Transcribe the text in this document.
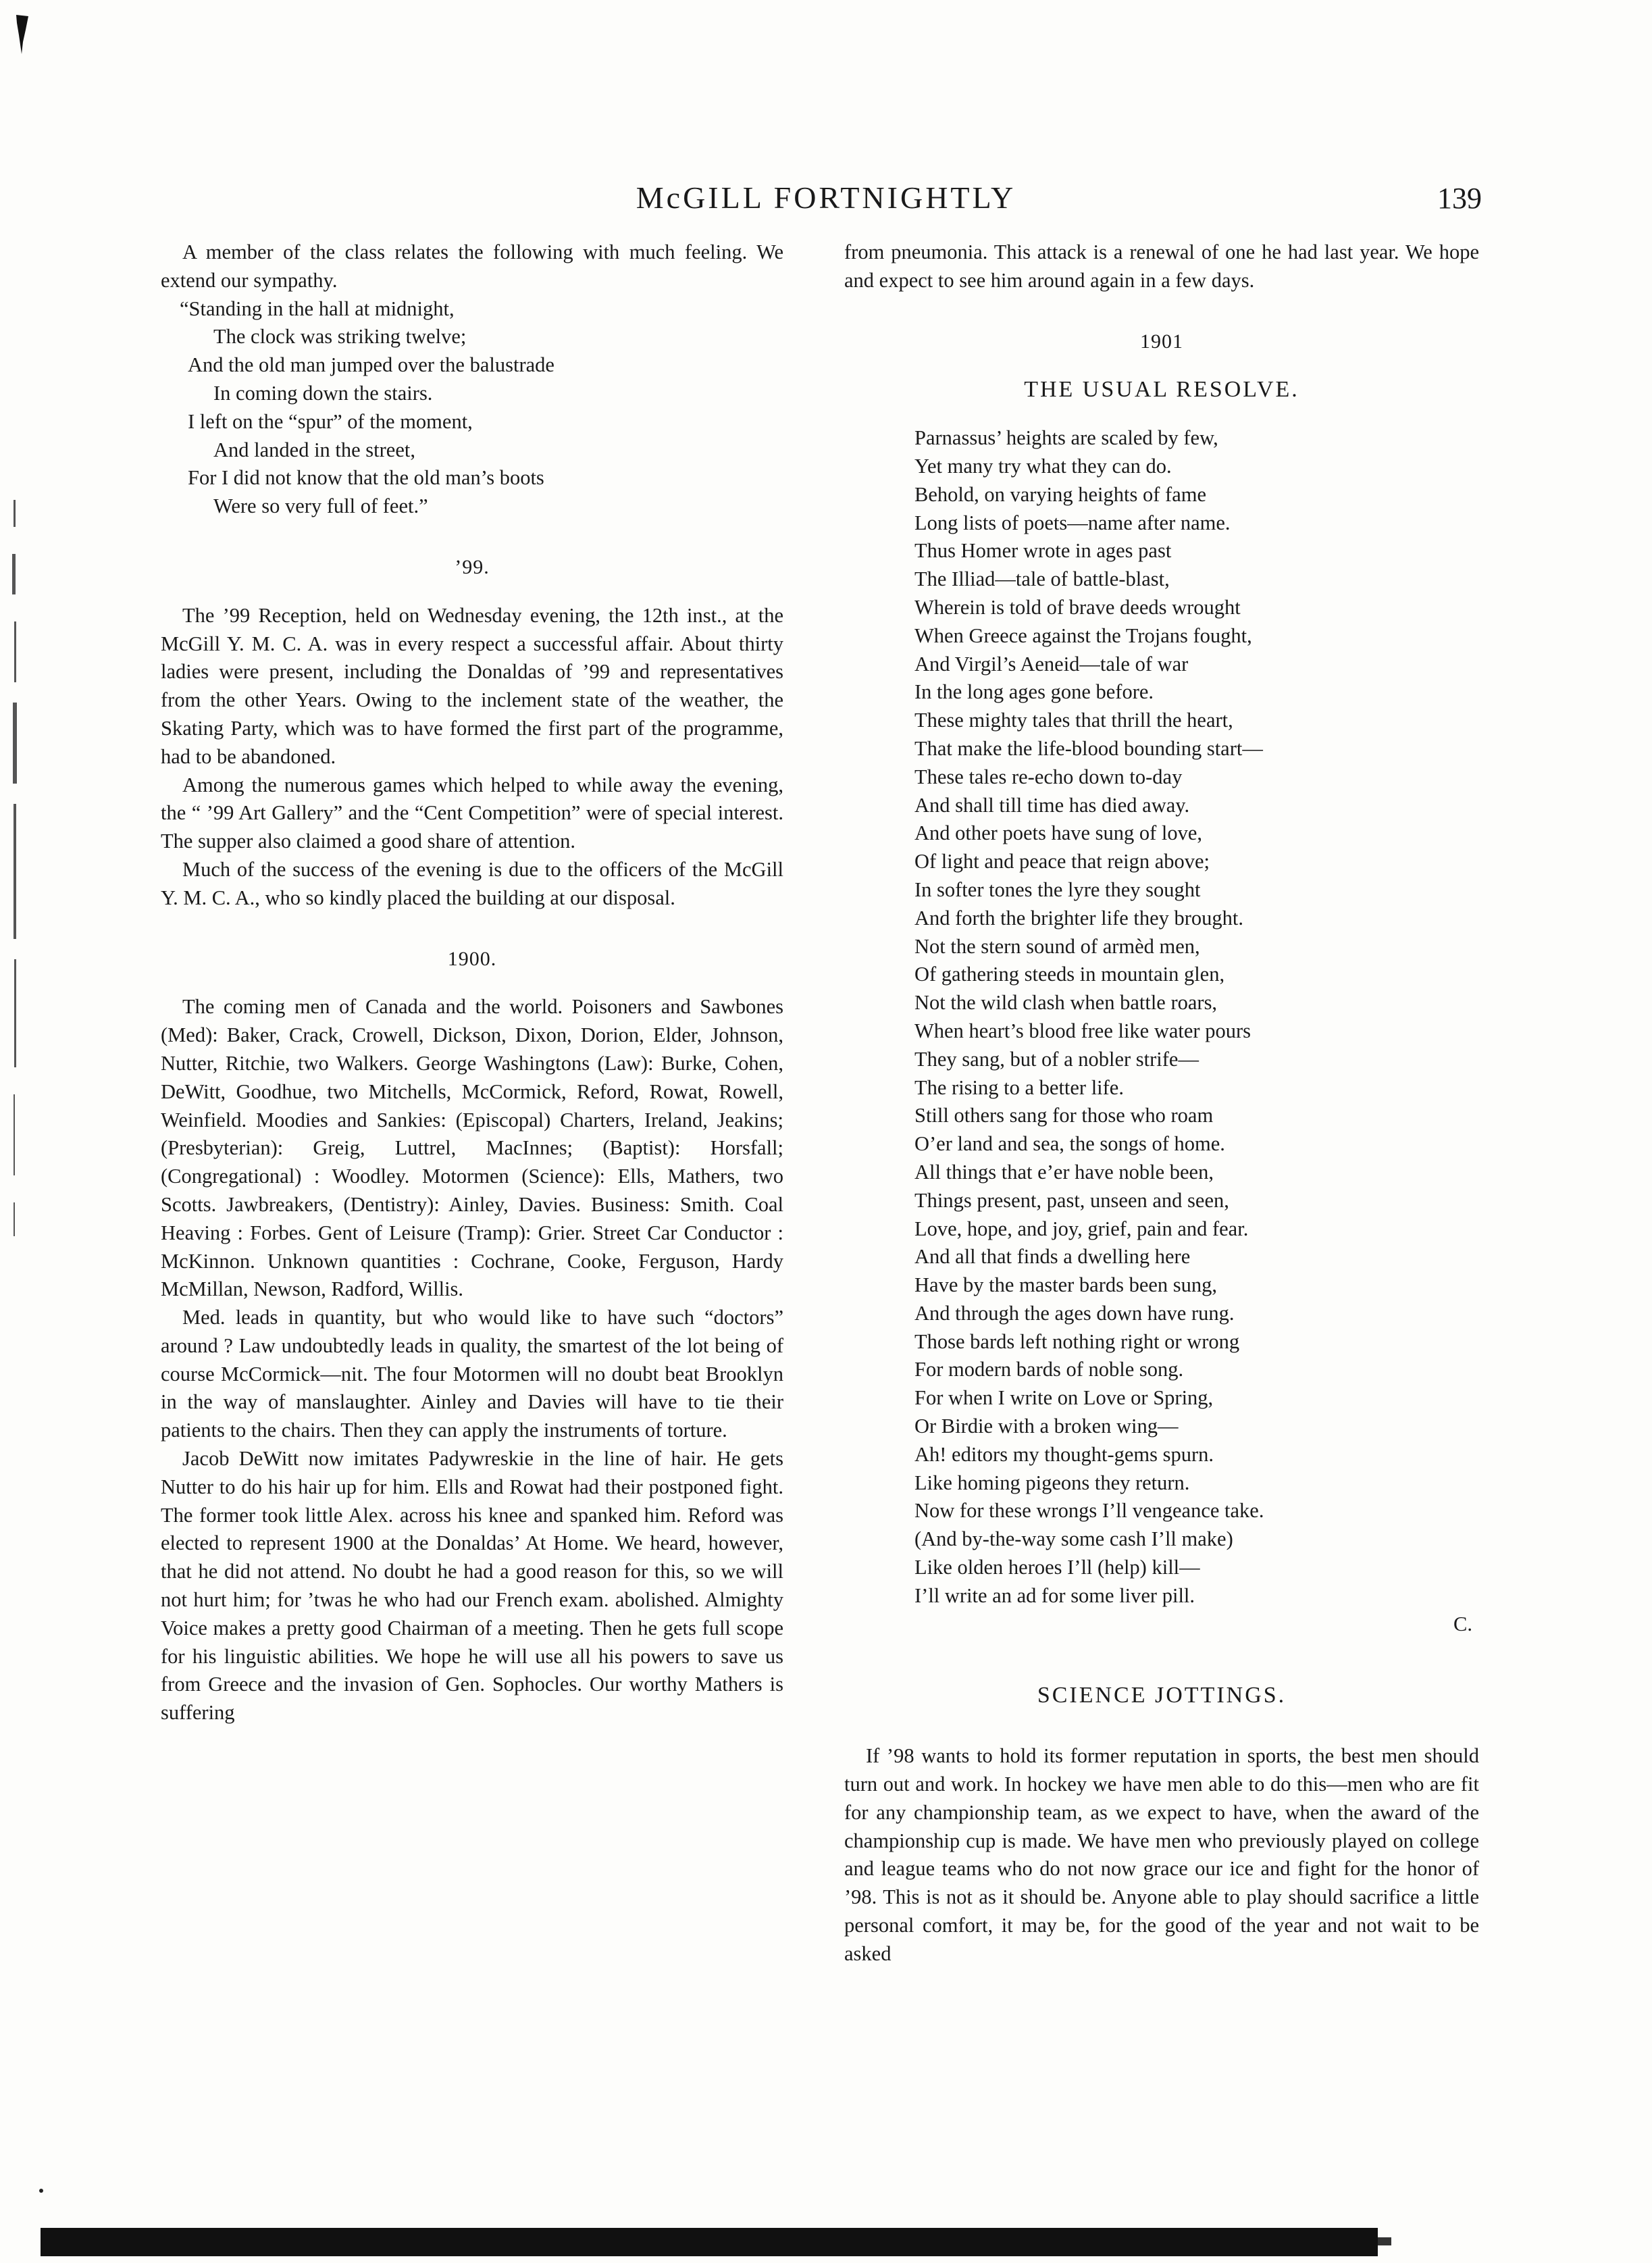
McGILL FORTNIGHTLY	139

A member of the class relates the following with much feeling. We extend our sympathy.

“Standing in the hall at midnight,
The clock was striking twelve;
And the old man jumped over the balustrade
In coming down the stairs.
I left on the “spur” of the moment,
And landed in the street,
For I did not know that the old man’s boots
Were so very full of feet.”
’99.

The ’99 Reception, held on Wednesday evening, the 12th inst., at the McGill Y. M. C. A. was in every respect a successful affair. About thirty ladies were present, including the Donaldas of ’99 and representatives from the other Years. Owing to the inclement state of the weather, the Skating Party, which was to have formed the first part of the programme, had to be abandoned.

Among the numerous games which helped to while away the evening, the “ ’99 Art Gallery” and the “Cent Competition” were of special interest. The supper also claimed a good share of attention.

Much of the success of the evening is due to the officers of the McGill Y. M. C. A., who so kindly placed the building at our disposal.

1900.

The coming men of Canada and the world. Poisoners and Sawbones (Med): Baker, Crack, Crowell, Dickson, Dixon, Dorion, Elder, Johnson, Nutter, Ritchie, two Walkers. George Washingtons (Law): Burke, Cohen, DeWitt, Goodhue, two Mitchells, McCormick, Reford, Rowat, Rowell, Weinfield. Moodies and Sankies: (Episcopal) Charters, Ireland, Jeakins; (Presbyterian): Greig, Luttrel, MacInnes; (Baptist): Horsfall; (Congregational) : Woodley. Motormen (Science): Ells, Mathers, two Scotts. Jawbreakers, (Dentistry): Ainley, Davies. Business: Smith. Coal Heaving : Forbes. Gent of Leisure (Tramp): Grier. Street Car Conductor : McKinnon. Unknown quantities : Cochrane, Cooke, Ferguson, Hardy McMillan, Newson, Radford, Willis.

Med. leads in quantity, but who would like to have such “doctors” around ? Law undoubtedly leads in quality, the smartest of the lot being of course McCormick—nit. The four Motormen will no doubt beat Brooklyn in the way of manslaughter. Ainley and Davies will have to tie their patients to the chairs. Then they can apply the instruments of torture.

Jacob DeWitt now imitates Padywreskie in the line of hair. He gets Nutter to do his hair up for him. Ells and Rowat had their postponed fight. The former took little Alex. across his knee and spanked him. Reford was elected to represent 1900 at the Donaldas’ At Home. We heard, however, that he did not attend. No doubt he had a good reason for this, so we will not hurt him; for ’twas he who had our French exam. abolished. Almighty Voice makes a pretty good Chairman of a meeting. Then he gets full scope for his linguistic abilities. We hope he will use all his powers to save us from Greece and the invasion of Gen. Sophocles. Our worthy Mathers is suffering

from pneumonia. This attack is a renewal of one he had last year. We hope and expect to see him around again in a few days.

1901
THE USUAL RESOLVE.
Parnassus’ heights are scaled by few,
Yet many try what they can do.
Behold, on varying heights of fame
Long lists of poets—name after name.
Thus Homer wrote in ages past
The Illiad—tale of battle-blast,
Wherein is told of brave deeds wrought
When Greece against the Trojans fought,
And Virgil’s Aeneid—tale of war
In the long ages gone before.
These mighty tales that thrill the heart,
That make the life-blood bounding start—
These tales re-echo down to-day
And shall till time has died away.
And other poets have sung of love,
Of light and peace that reign above;
In softer tones the lyre they sought
And forth the brighter life they brought.
Not the stern sound of armèd men,
Of gathering steeds in mountain glen,
Not the wild clash when battle roars,
When heart’s blood free like water pours
They sang, but of a nobler strife—
The rising to a better life.
Still others sang for those who roam
O’er land and sea, the songs of home.
All things that e’er have noble been,
Things present, past, unseen and seen,
Love, hope, and joy, grief, pain and fear.
And all that finds a dwelling here
Have by the master bards been sung,
And through the ages down have rung.
Those bards left nothing right or wrong
For modern bards of noble song.
For when I write on Love or Spring,
Or Birdie with a broken wing—
Ah! editors my thought-gems spurn.
Like homing pigeons they return.
Now for these wrongs I’ll vengeance take.
(And by-the-way some cash I’ll make)
Like olden heroes I’ll (help) kill—
I’ll write an ad for some liver pill.
C.
SCIENCE JOTTINGS.

If ’98 wants to hold its former reputation in sports, the best men should turn out and work. In hockey we have men able to do this—men who are fit for any championship team, as we expect to have, when the award of the championship cup is made. We have men who previously played on college and league teams who do not now grace our ice and fight for the honor of ’98. This is not as it should be. Anyone able to play should sacrifice a little personal comfort, it may be, for the good of the year and not wait to be asked
